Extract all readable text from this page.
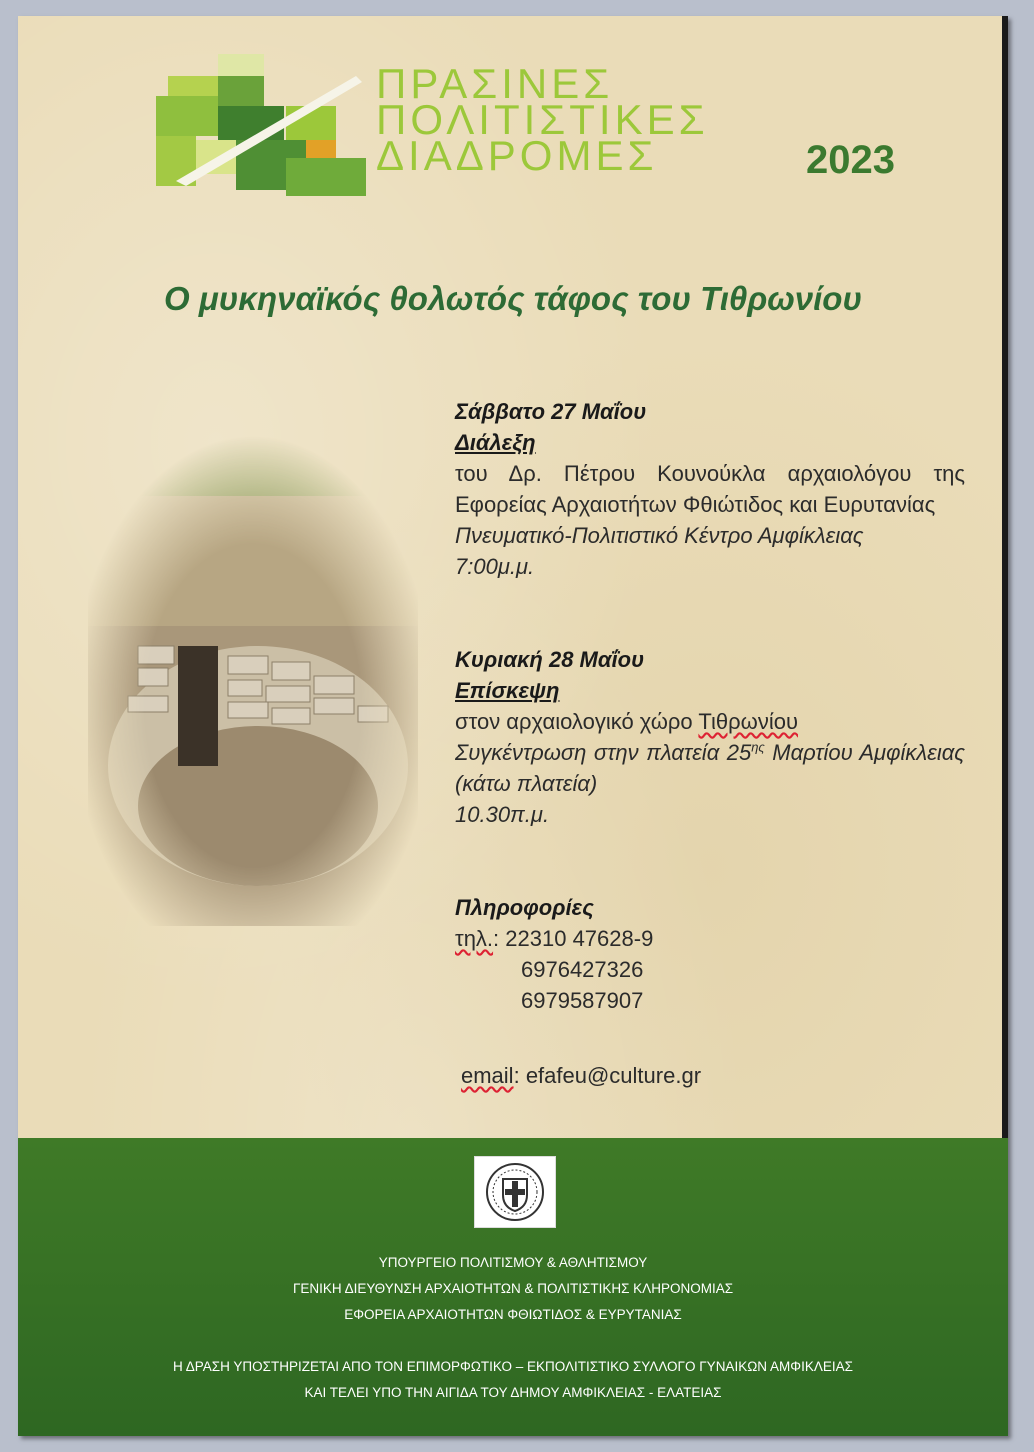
ΠΡΑΣΙΝΕΣ
ΠΟΛΙΤΙΣΤΙΚΕΣ
ΔΙΑΔΡΟΜΕΣ	2023
Ο μυκηναϊκός θολωτός τάφος του Τιθρωνίου
Σάββατο 27 Μαΐου
Διάλεξη
του Δρ. Πέτρου Κουνούκλα αρχαιολόγου της Εφορείας Αρχαιοτήτων Φθιώτιδος και Ευρυτανίας
Πνευματικό-Πολιτιστικό Κέντρο Αμφίκλειας
7:00μ.μ.
Κυριακή 28 Μαΐου
Επίσκεψη
στον αρχαιολογικό χώρο Τιθρωνίου
Συγκέντρωση στην πλατεία $25^{\eta\varsigma}$ Μαρτίου Αμφίκλειας (κάτω πλατεία)
10.30π.μ.
Πληροφορίες
τηλ.: 22310 47628-9
6976427326
6979587907
email: efafeu@culture.gr
ΥΠΟΥΡΓΕΙΟ ΠΟΛΙΤΙΣΜΟΥ & ΑΘΛΗΤΙΣΜΟΥ
ΓΕΝΙΚΗ ΔΙΕΥΘΥΝΣΗ ΑΡΧΑΙΟΤΗΤΩΝ & ΠΟΛΙΤΙΣΤΙΚΗΣ ΚΛΗΡΟΝΟΜΙΑΣ
ΕΦΟΡΕΙΑ ΑΡΧΑΙΟΤΗΤΩΝ ΦΘΙΩΤΙΔΟΣ & ΕΥΡΥΤΑΝΙΑΣ
Η ΔΡΑΣΗ ΥΠΟΣΤΗΡΙΖΕΤΑΙ ΑΠΟ ΤΟΝ ΕΠΙΜΟΡΦΩΤΙΚΟ – ΕΚΠΟΛΙΤΙΣΤΙΚΟ ΣΥΛΛΟΓΟ ΓΥΝΑΙΚΩΝ ΑΜΦΙΚΛΕΙΑΣ
ΚΑΙ ΤΕΛΕΙ ΥΠΟ ΤΗΝ ΑΙΓΙΔΑ ΤΟΥ ΔΗΜΟΥ ΑΜΦΙΚΛΕΙΑΣ - ΕΛΑΤΕΙΑΣ
